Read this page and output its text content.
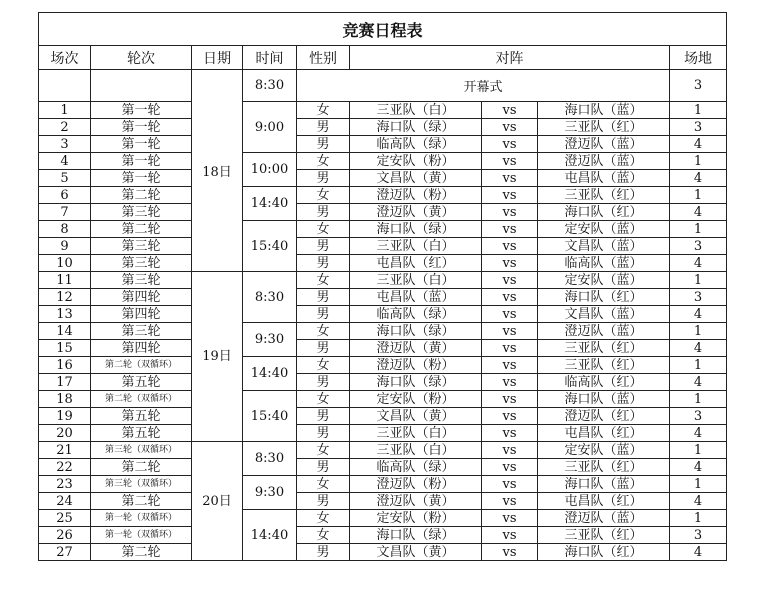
竞赛日程表								
场次	轮次	日期	时间	性别	对阵			场地
		18日	8:30	开幕式				3
1	第一轮		9:00	女	三亚队（白）	vs	海口队（蓝）	1
2	第一轮			男	海口队（绿）	vs	三亚队（红）	3
3	第一轮			男	临高队（绿）	vs	澄迈队（蓝）	4
4	第一轮		10:00	女	定安队（粉）	vs	澄迈队（蓝）	1
5	第一轮			男	文昌队（黄）	vs	屯昌队（蓝）	4
6	第二轮		14:40	女	澄迈队（粉）	vs	三亚队（红）	1
7	第三轮			男	澄迈队（黄）	vs	海口队（红）	4
8	第二轮		15:40	女	海口队（绿）	vs	定安队（蓝）	1
9	第三轮			男	三亚队（白）	vs	文昌队（蓝）	3
10	第三轮			男	屯昌队（红）	vs	临高队（蓝）	4
11	第三轮	19日	8:30	女	三亚队（白）	vs	定安队（蓝）	1
12	第四轮			男	屯昌队（蓝）	vs	海口队（红）	3
13	第四轮			男	临高队（绿）	vs	文昌队（蓝）	4
14	第三轮		9:30	女	海口队（绿）	vs	澄迈队（蓝）	1
15	第四轮			男	澄迈队（黄）	vs	三亚队（红）	4
16	第二轮（双循环）		14:40	女	澄迈队（粉）	vs	三亚队（红）	1
17	第五轮			男	海口队（绿）	vs	临高队（红）	4
18	第二轮（双循环）		15:40	女	定安队（粉）	vs	海口队（蓝）	1
19	第五轮			男	文昌队（黄）	vs	澄迈队（红）	3
20	第五轮			男	三亚队（白）	vs	屯昌队（红）	4
21	第三轮（双循环）	20日	8:30	女	三亚队（白）	vs	定安队（蓝）	1
22	第二轮			男	临高队（绿）	vs	三亚队（红）	4
23	第三轮（双循环）		9:30	女	澄迈队（粉）	vs	海口队（蓝）	1
24	第二轮			男	澄迈队（黄）	vs	屯昌队（红）	4
25	第一轮（双循环）		14:40	女	定安队（粉）	vs	澄迈队（蓝）	1
26	第一轮（双循环）			女	海口队（绿）	vs	三亚队（红）	3
27	第二轮			男	文昌队（黄）	vs	海口队（红）	4
